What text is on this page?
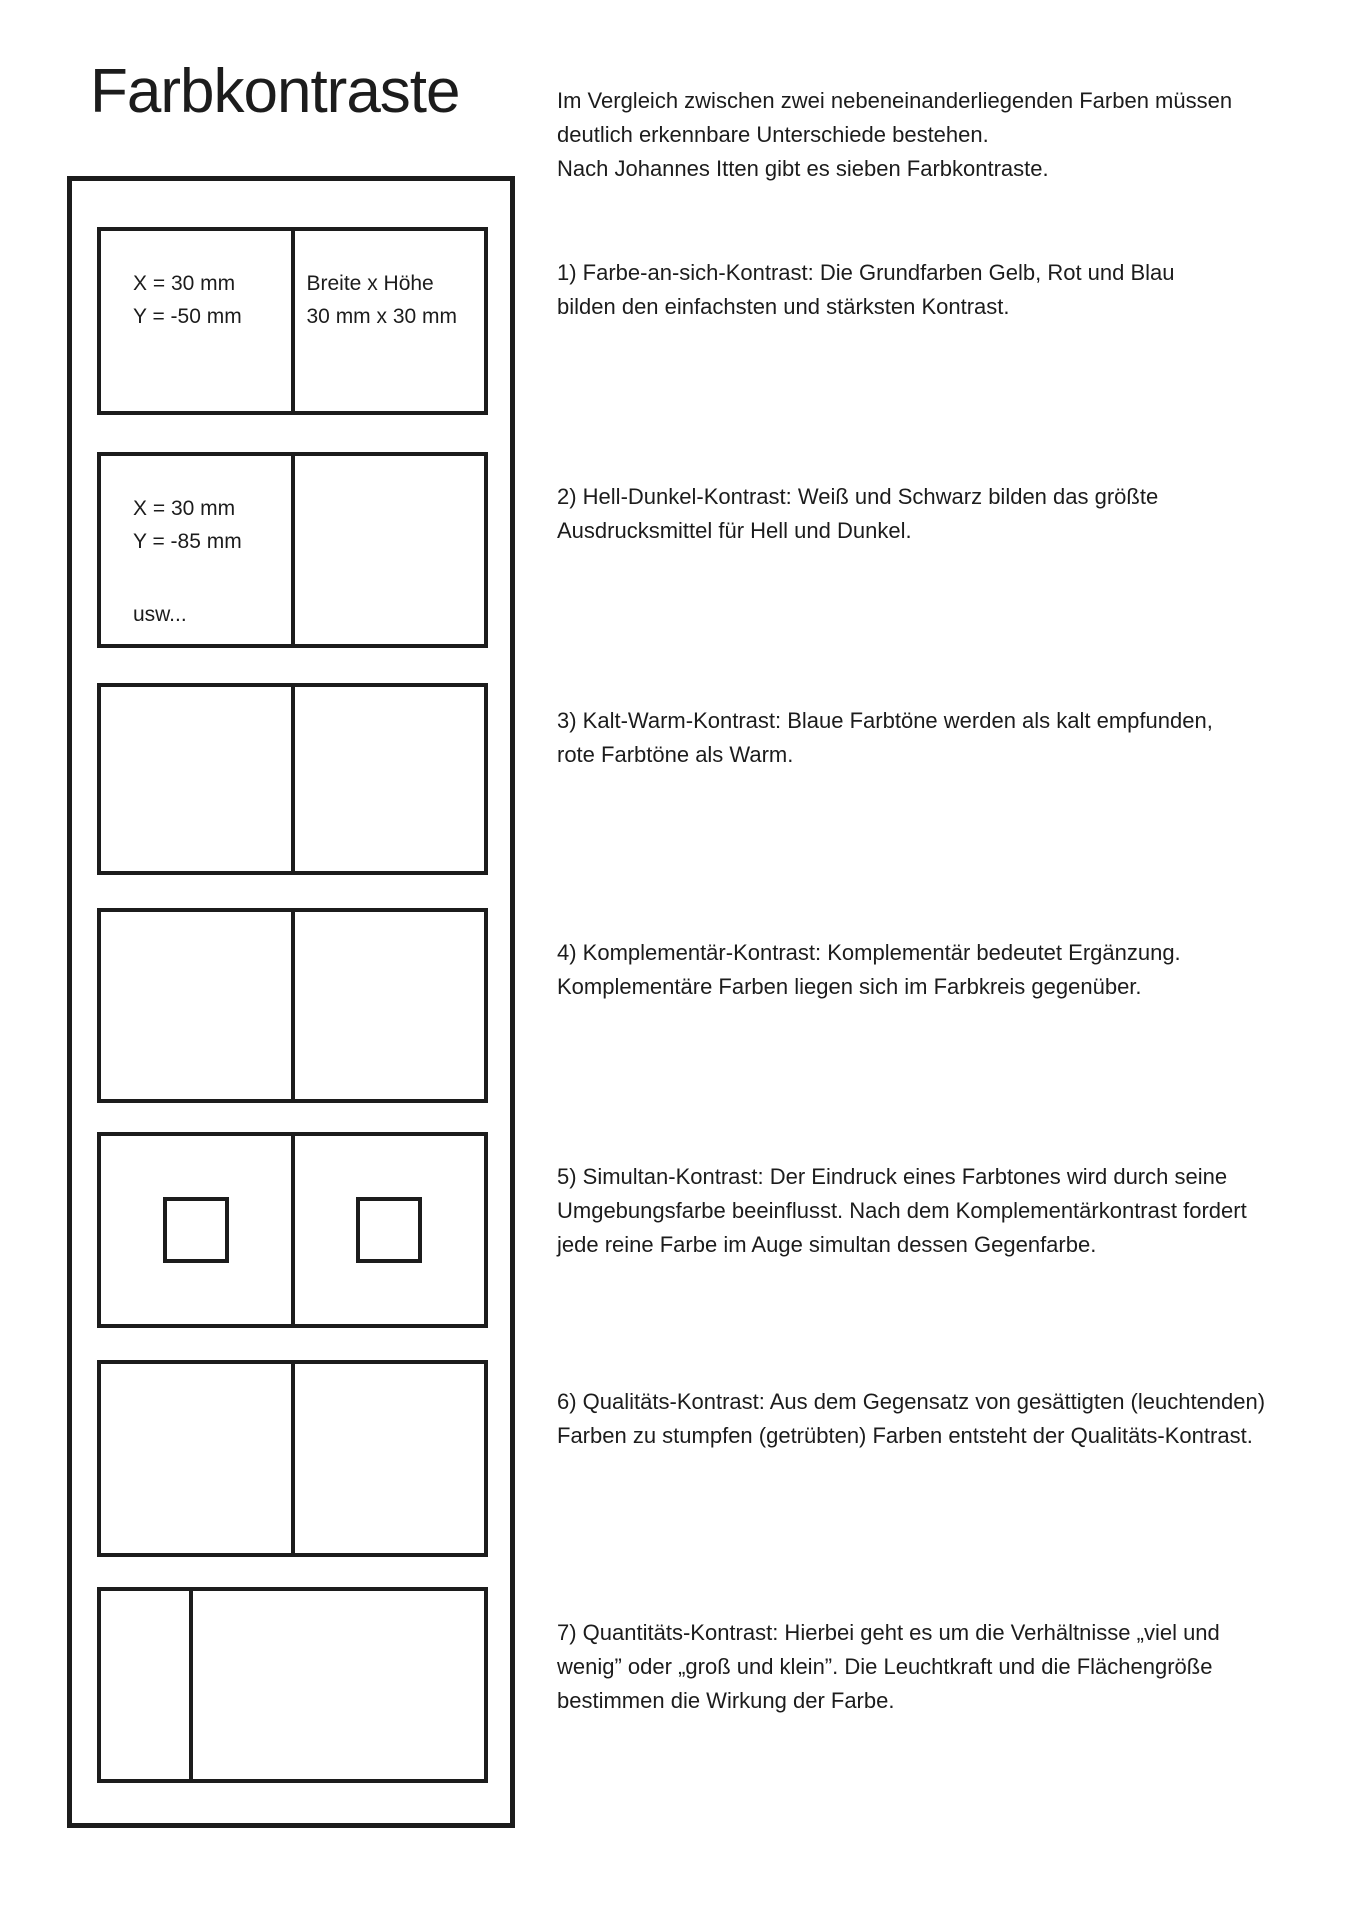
Farbkontraste
X = 30 mm
Y = -50 mm
Breite x Höhe
30 mm x 30 mm
X = 30 mm
Y = -85 mm
usw...
Im Vergleich zwischen zwei nebeneinanderliegenden Farben müssen
deutlich erkennbare Unterschiede bestehen.
Nach Johannes Itten gibt es sieben Farbkontraste.
1) Farbe-an-sich-Kontrast: Die Grundfarben Gelb, Rot und Blau
bilden den einfachsten und stärksten Kontrast.
2) Hell-Dunkel-Kontrast: Weiß und Schwarz bilden das größte
Ausdrucksmittel für Hell und Dunkel.
3) Kalt-Warm-Kontrast: Blaue Farbtöne werden als kalt empfunden,
rote Farbtöne als Warm.
4) Komplementär-Kontrast: Komplementär bedeutet Ergänzung.
Komplementäre Farben liegen sich im Farbkreis gegenüber.
5) Simultan-Kontrast: Der Eindruck eines Farbtones wird durch seine
Umgebungsfarbe beeinflusst. Nach dem Komplementärkontrast fordert
jede reine Farbe im Auge simultan dessen Gegenfarbe.
6) Qualitäts-Kontrast: Aus dem Gegensatz von gesättigten (leuchtenden)
Farben zu stumpfen (getrübten) Farben entsteht der Qualitäts-Kontrast.
7) Quantitäts-Kontrast: Hierbei geht es um die Verhältnisse „viel und
wenig” oder „groß und klein”. Die Leuchtkraft und die Flächengröße
bestimmen die Wirkung der Farbe.
